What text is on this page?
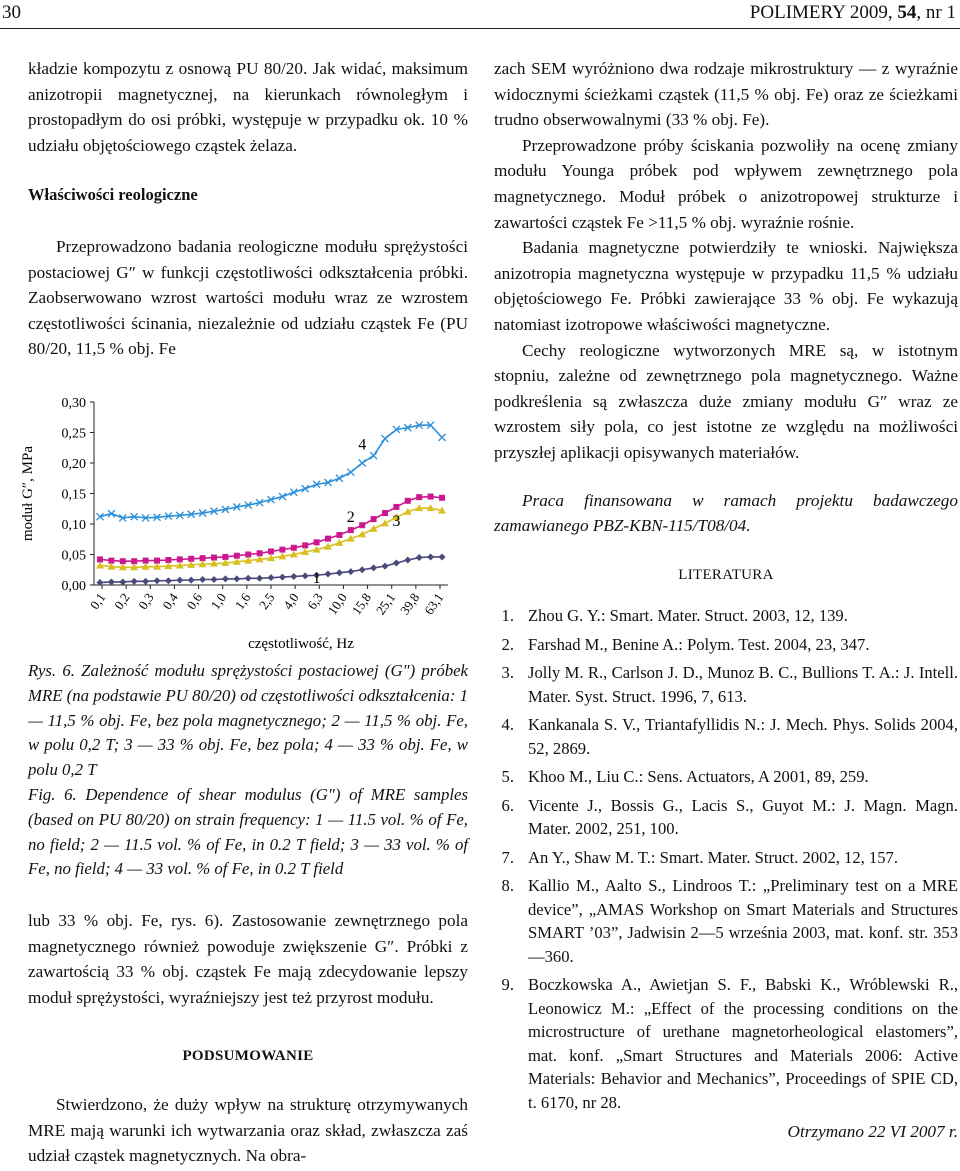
30	POLIMERY 2009, 54, nr 1

kładzie kompozytu z osnową PU 80/20. Jak widać, maksimum anizotropii magnetycznej, na kierunkach równoległym i prostopadłym do osi próbki, występuje w przypadku ok. 10 % udziału objętościowego cząstek żelaza.

Właściwości reologiczne

Przeprowadzono badania reologiczne modułu sprężystości postaciowej G″ w funkcji częstotliwości odkształcenia próbki. Zaobserwowano wzrost wartości modułu wraz ze wzrostem częstotliwości ścinania, niezależnie od udziału cząstek Fe (PU 80/20, 11,5 % obj. Fe

0,30
0,25
0,20
0,15
0,10
0,05
0,00
0,1 0,2 0,3 0,4 0,6 1,0 1,6 2,5 4,0 6,3
10,0
15,8
25,1
39,8
63,1
moduł G″, MPa
częstotliwość, Hz
4
2 3
1

Rys. 6. Zależność modułu sprężystości postaciowej (G″) próbek MRE (na podstawie PU 80/20) od częstotliwości odkształcenia: 1 — 11,5 % obj. Fe, bez pola magnetycznego; 2 — 11,5 % obj. Fe, w polu 0,2 T; 3 — 33 % obj. Fe, bez pola; 4 — 33 % obj. Fe, w polu 0,2 T

Fig. 6. Dependence of shear modulus (G″) of MRE samples (based on PU 80/20) on strain frequency: 1 — 11.5 vol. % of Fe, no field; 2 — 11.5 vol. % of Fe, in 0.2 T field; 3 — 33 vol. % of Fe, no field; 4 — 33 vol. % of Fe, in 0.2 T field

lub 33 % obj. Fe, rys. 6). Zastosowanie zewnętrznego pola magnetycznego również powoduje zwiększenie G″. Próbki z zawartością 33 % obj. cząstek Fe mają zdecydowanie lepszy moduł sprężystości, wyraźniejszy jest też przyrost modułu.

PODSUMOWANIE

Stwierdzono, że duży wpływ na strukturę otrzymywanych MRE mają warunki ich wytwarzania oraz skład, zwłaszcza zaś udział cząstek magnetycznych. Na obra-

zach SEM wyróżniono dwa rodzaje mikrostruktury — z wyraźnie widocznymi ścieżkami cząstek (11,5 % obj. Fe) oraz ze ścieżkami trudno obserwowalnymi (33 % obj. Fe).

Przeprowadzone próby ściskania pozwoliły na ocenę zmiany modułu Younga próbek pod wpływem zewnętrznego pola magnetycznego. Moduł próbek o anizotropowej strukturze i zawartości cząstek Fe >11,5 % obj. wyraźnie rośnie.

Badania magnetyczne potwierdziły te wnioski. Największa anizotropia magnetyczna występuje w przypadku 11,5 % udziału objętościowego Fe. Próbki zawierające 33 % obj. Fe wykazują natomiast izotropowe właściwości magnetyczne.

Cechy reologiczne wytworzonych MRE są, w istotnym stopniu, zależne od zewnętrznego pola magnetycznego. Ważne podkreślenia są zwłaszcza duże zmiany modułu G″ wraz ze wzrostem siły pola, co jest istotne ze względu na możliwości przyszłej aplikacji opisywanych materiałów.

Praca finansowana w ramach projektu badawczego zamawianego PBZ-KBN-115/T08/04.

LITERATURA
1. Zhou G. Y.: Smart. Mater. Struct. 2003, 12, 139.
2. Farshad M., Benine A.: Polym. Test. 2004, 23, 347.
3. Jolly M. R., Carlson J. D., Munoz B. C., Bullions T. A.: J. Intell. Mater. Syst. Struct. 1996, 7, 613.
4. Kankanala S. V., Triantafyllidis N.: J. Mech. Phys. Solids 2004, 52, 2869.
5. Khoo M., Liu C.: Sens. Actuators, A 2001, 89, 259.
6. Vicente J., Bossis G., Lacis S., Guyot M.: J. Magn. Magn. Mater. 2002, 251, 100.
7. An Y., Shaw M. T.: Smart. Mater. Struct. 2002, 12, 157.
8. Kallio M., Aalto S., Lindroos T.: „Preliminary test on a MRE device”, „AMAS Workshop on Smart Materials and Structures SMART ’03”, Jadwisin 2—5 września 2003, mat. konf. str. 353—360.
9. Boczkowska A., Awietjan S. F., Babski K., Wróblewski R., Leonowicz M.: „Effect of the processing conditions on the microstructure of urethane magnetorheological elastomers”, mat. konf. „Smart Structures and Materials 2006: Active Materials: Behavior and Mechanics”, Proceedings of SPIE CD, t. 6170, nr 28.

Otrzymano 22 VI 2007 r.
